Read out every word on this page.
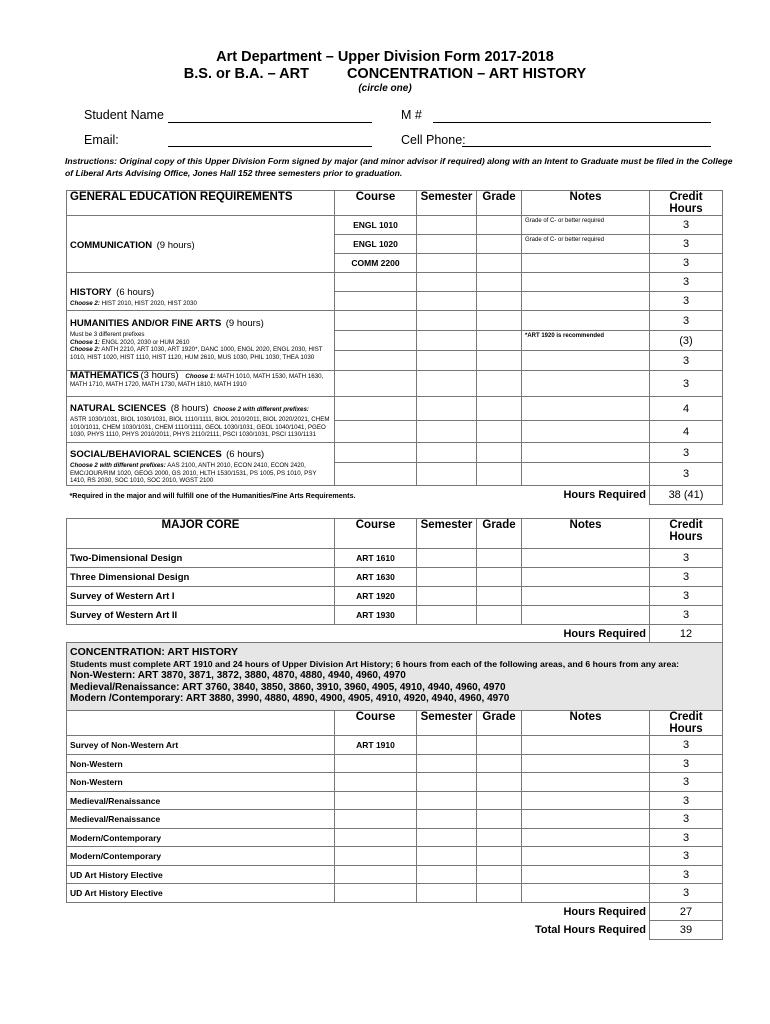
Art Department – Upper Division Form 2017-2018
B.S. or B.A. – ART	CONCENTRATION – ART HISTORY
(circle one)
Student Name	M #
Email:	Cell Phone:
Instructions: Original copy of this Upper Division Form signed by major (and minor advisor if required) along with an Intent to Graduate must be filed in the College of Liberal Arts Advising Office, Jones Hall 152 three semesters prior to graduation.
GENERAL EDUCATION REQUIREMENTS	Course	Semester	Grade	Notes	Credit Hours
COMMUNICATION (9 hours)	ENGL 1010			Grade of C- or better required	3
	ENGL 1020			Grade of C- or better required	3
	COMM 2200				3

HISTORY (6 hours)
Choose 2: HIST 2010, HIST 2020, HIST 2030					3
					3

HUMANITIES AND/OR FINE ARTS (9 hours)
Must be 3 different prefixes
Choose 1: ENGL 2020, 2030 or HUM 2610
Choose 2: ANTH 2210, ART 1030, ART 1920*, DANC 1000, ENGL 2020, ENGL 2030, HIST 1010, HIST 1020, HIST 1110, HIST 1120, HUM 2610, MUS 1030, PHIL 1030, THEA 1030					3
				*ART 1920 is recommended	(3)
					3

MATHEMATICS (3 hours) Choose 1: MATH 1010, MATH 1530, MATH 1630, MATH 1710, MATH 1720, MATH 1730, MATH 1810, MATH 1910					3

NATURAL SCIENCES (8 hours) Choose 2 with different prefixes:
ASTR 1030/1031, BIOL 1030/1031, BIOL 1110/1111, BIOL 2010/2011, BIOL 2020/2021, CHEM 1010/1011, CHEM 1030/1031, CHEM 1110/1111, GEOL 1030/1031, GEOL 1040/1041, PGEO 1030, PHYS 1110, PHYS 2010/2011, PHYS 2110/2111, PSCI 1030/1031, PSCI 1130/1131					4
					4

SOCIAL/BEHAVIORAL SCIENCES (6 hours)
Choose 2 with different prefixes: AAS 2100, ANTH 2010, ECON 2410, ECON 2420, EMC/JOUR/RIM 1020, GEOG 2000, GS 2010, HLTH 1530/1531, PS 1005, PS 1010, PSY 1410, RS 2030, SOC 1010, SOC 2010, WGST 2100					3
					3
*Required in the major and will fulfill one of the Humanities/Fine Arts Requirements.				Hours Required	38 (41)
MAJOR CORE	Course	Semester	Grade	Notes	Credit Hours
Two-Dimensional Design	ART 1610				3
Three Dimensional Design	ART 1630				3
Survey of Western Art I	ART 1920				3
Survey of Western Art II	ART 1930				3
				Hours Required	12

CONCENTRATION: ART HISTORY
Students must complete ART 1910 and 24 hours of Upper Division Art History; 6 hours from each of the following areas, and 6 hours from any area:
Non-Western: ART 3870, 3871, 3872, 3880, 4870, 4880, 4940, 4960, 4970
Medieval/Renaissance: ART 3760, 3840, 3850, 3860, 3910, 3960, 4905, 4910, 4940, 4960, 4970
Modern /Contemporary: ART 3880, 3990, 4880, 4890, 4900, 4905, 4910, 4920, 4940, 4960, 4970					

	Course	Semester	Grade	Notes	Credit Hours
Survey of Non-Western Art	ART 1910				3
Non-Western					3
Non-Western					3
Medieval/Renaissance					3
Medieval/Renaissance					3
Modern/Contemporary					3
Modern/Contemporary					3
UD Art History Elective					3
UD Art History Elective					3
				Hours Required	27
				Total Hours Required	39
